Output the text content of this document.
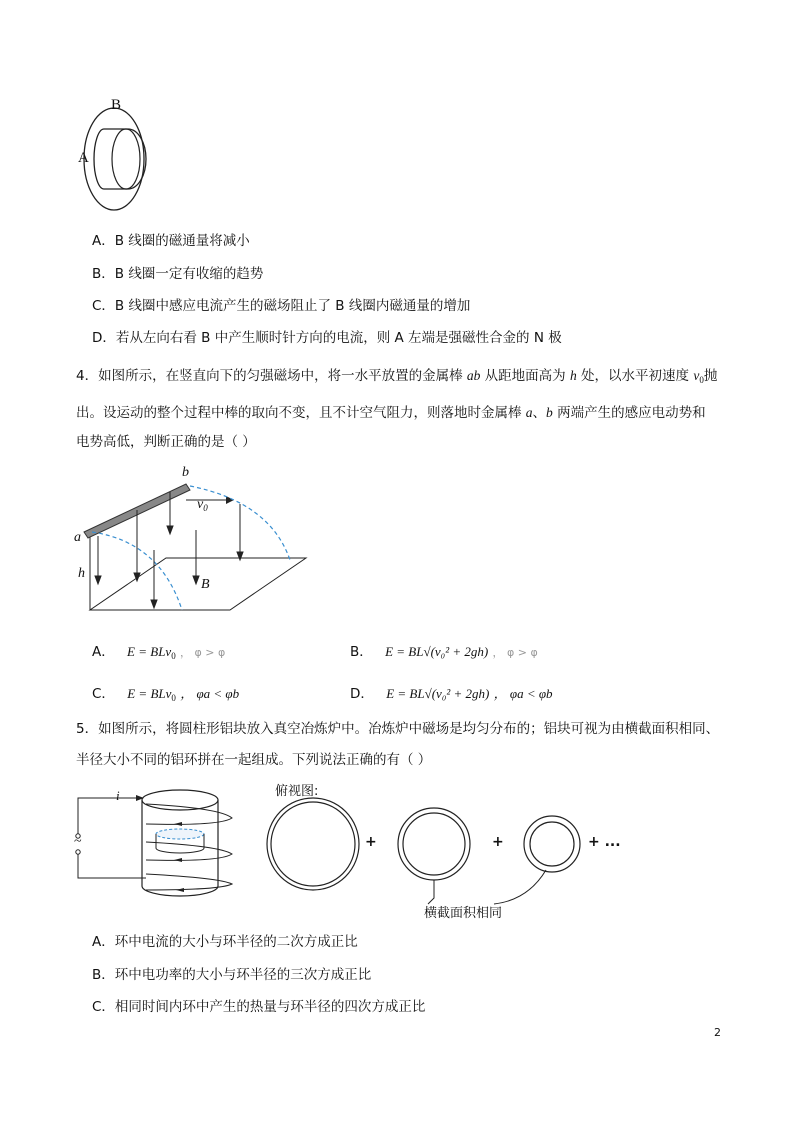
B
A
A．B 线圈的磁通量将减小
B．B 线圈一定有收缩的趋势
C．B 线圈中感应电流产生的磁场阻止了 B 线圈内磁通量的增加
D．若从左向右看 B 中产生顺时针方向的电流，则 A 左端是强磁性合金的 N 极
4．如图所示，在竖直向下的匀强磁场中，将一水平放置的金属棒 ab 从距地面高为 h 处，以水平初速度 $v_0$抛
出。设运动的整个过程中棒的取向不变，且不计空气阻力，则落地时金属棒 a、b 两端产生的感应电动势和
电势高低，判断正确的是（ ）
b
a
$v_0$
h
B
A． E = BLv$_0$ ， φ > φ	B． E = BL√(v₀² + 2gh) ， φ > φ
C． E = BLv$_0$ ， φa < φb	D． E = BL√(v₀² + 2gh) ， φa < φb
5．如图所示，将圆柱形铝块放入真空冶炼炉中。冶炼炉中磁场是均匀分布的；铝块可视为由横截面积相同、
半径大小不同的铝环拼在一起组成。下列说法正确的有（ ）
i
~
俯视图:
+	+	+ ...
横截面积相同
A．环中电流的大小与环半径的二次方成正比
B．环中电功率的大小与环半径的三次方成正比
C．相同时间内环中产生的热量与环半径的四次方成正比
2
